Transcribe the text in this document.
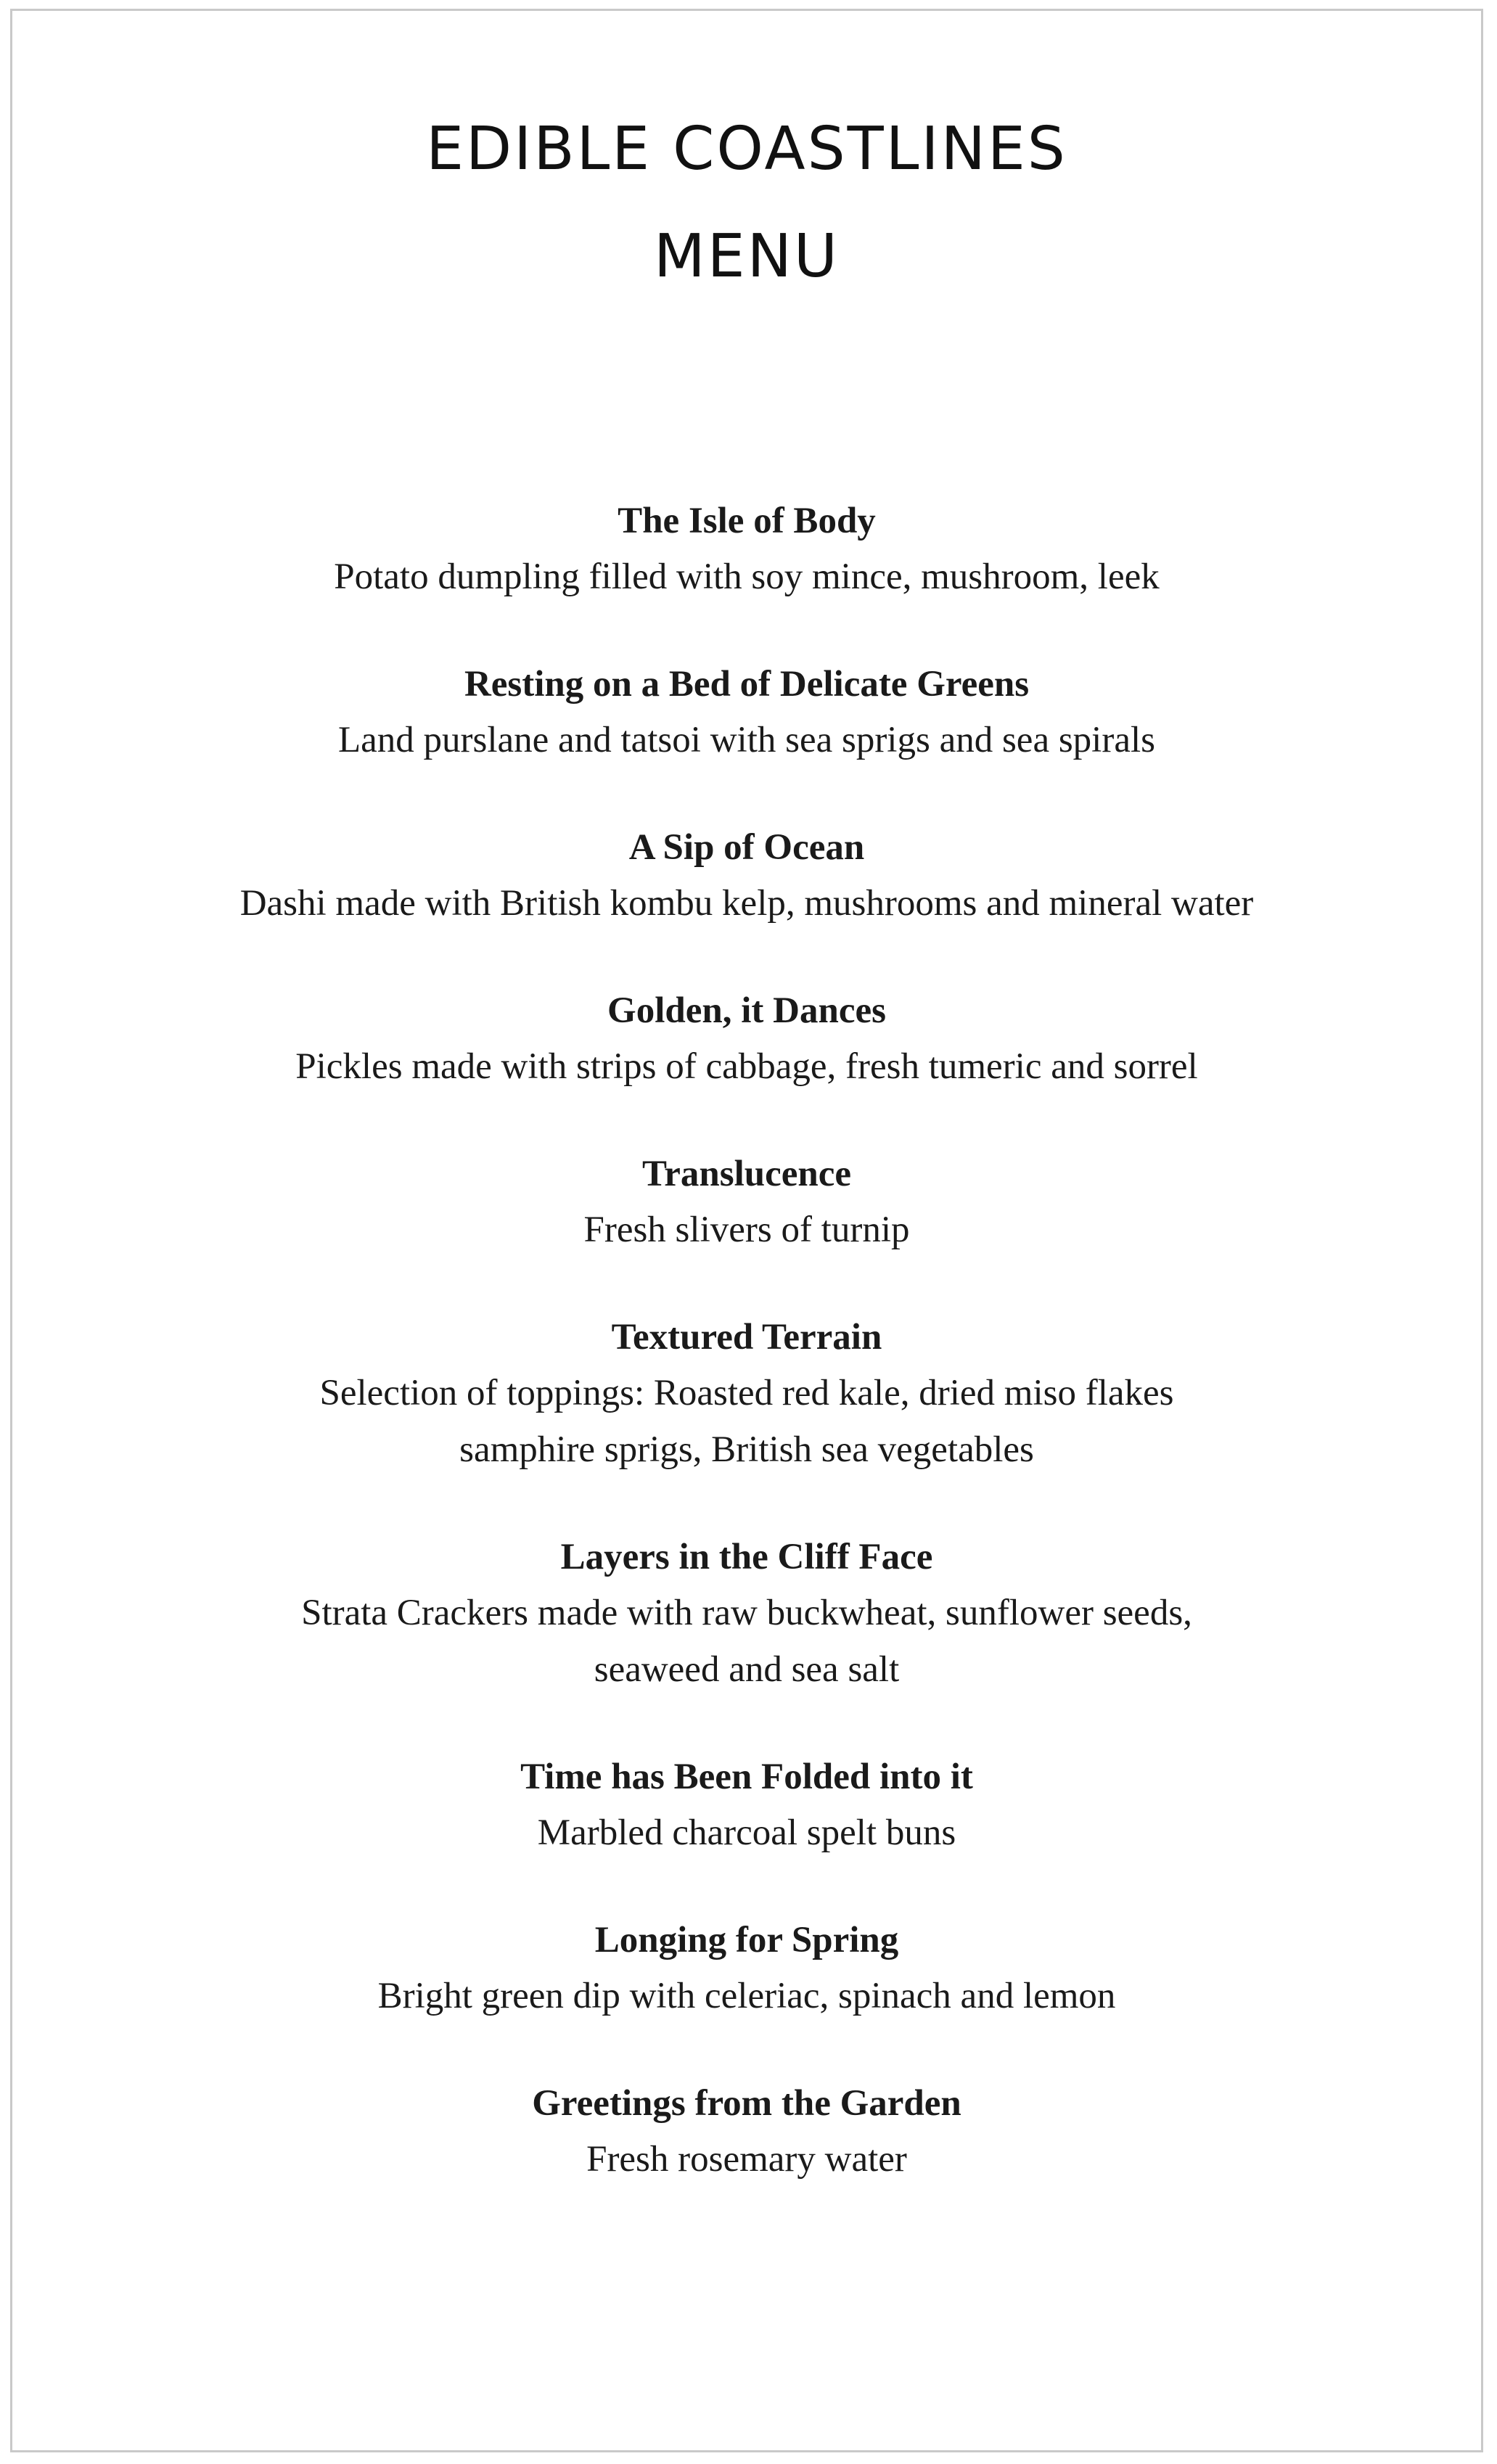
EDIBLE COASTLINES
MENU

The Isle of Body

Potato dumpling filled with soy mince, mushroom, leek

Resting on a Bed of Delicate Greens

Land purslane and tatsoi with sea sprigs and sea spirals

A Sip of Ocean

Dashi made with British kombu kelp, mushrooms and mineral water

Golden, it Dances

Pickles made with strips of cabbage, fresh tumeric and sorrel

Translucence

Fresh slivers of turnip

Textured Terrain

Selection of toppings: Roasted red kale, dried miso flakes

samphire sprigs, British sea vegetables

Layers in the Cliff Face

Strata Crackers made with raw buckwheat, sunflower seeds,

seaweed and sea salt

Time has Been Folded into it

Marbled charcoal spelt buns

Longing for Spring

Bright green dip with celeriac, spinach and lemon

Greetings from the Garden

Fresh rosemary water
